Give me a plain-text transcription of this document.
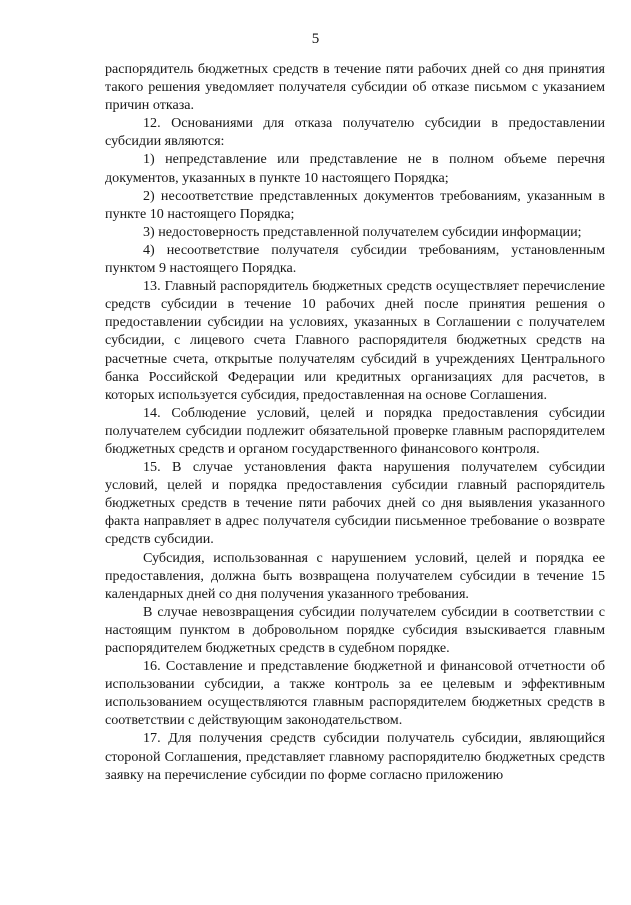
5

распорядитель бюджетных средств в течение пяти рабочих дней со дня принятия такого решения уведомляет получателя субсидии об отказе письмом с указанием причин отказа.

12. Основаниями для отказа получателю субсидии в предоставлении субсидии являются:

1) непредставление или представление не в полном объеме перечня документов, указанных в пункте 10 настоящего Порядка;

2) несоответствие представленных документов требованиям, указанным в пункте 10 настоящего Порядка;

3) недостоверность представленной получателем субсидии информации;

4) несоответствие получателя субсидии требованиям, установленным пунктом 9 настоящего Порядка.

13. Главный распорядитель бюджетных средств осуществляет перечисление средств субсидии в течение 10 рабочих дней после принятия решения о предоставлении субсидии на условиях, указанных в Соглашении с получателем субсидии, с лицевого счета Главного распорядителя бюджетных средств на расчетные счета, открытые получателям субсидий в учреждениях Центрального банка Российской Федерации или кредитных организациях для расчетов, в которых используется субсидия, предоставленная на основе Соглашения.

14. Соблюдение условий, целей и порядка предоставления субсидии получателем субсидии подлежит обязательной проверке главным распорядителем бюджетных средств и органом государственного финансового контроля.

15. В случае установления факта нарушения получателем субсидии условий, целей и порядка предоставления субсидии главный распорядитель бюджетных средств в течение пяти рабочих дней со дня выявления указанного факта направляет в адрес получателя субсидии письменное требование о возврате средств субсидии.

Субсидия, использованная с нарушением условий, целей и порядка ее предоставления, должна быть возвращена получателем субсидии в течение 15 календарных дней со дня получения указанного требования.

В случае невозвращения субсидии получателем субсидии в соответствии с настоящим пунктом в добровольном порядке субсидия взыскивается главным распорядителем бюджетных средств в судебном порядке.

16. Составление и представление бюджетной и финансовой отчетности об использовании субсидии, а также контроль за ее целевым и эффективным использованием осуществляются главным распорядителем бюджетных средств в соответствии с действующим законодательством.

17. Для получения средств субсидии получатель субсидии, являющийся стороной Соглашения, представляет главному распорядителю бюджетных средств заявку на перечисление субсидии по форме согласно приложению
